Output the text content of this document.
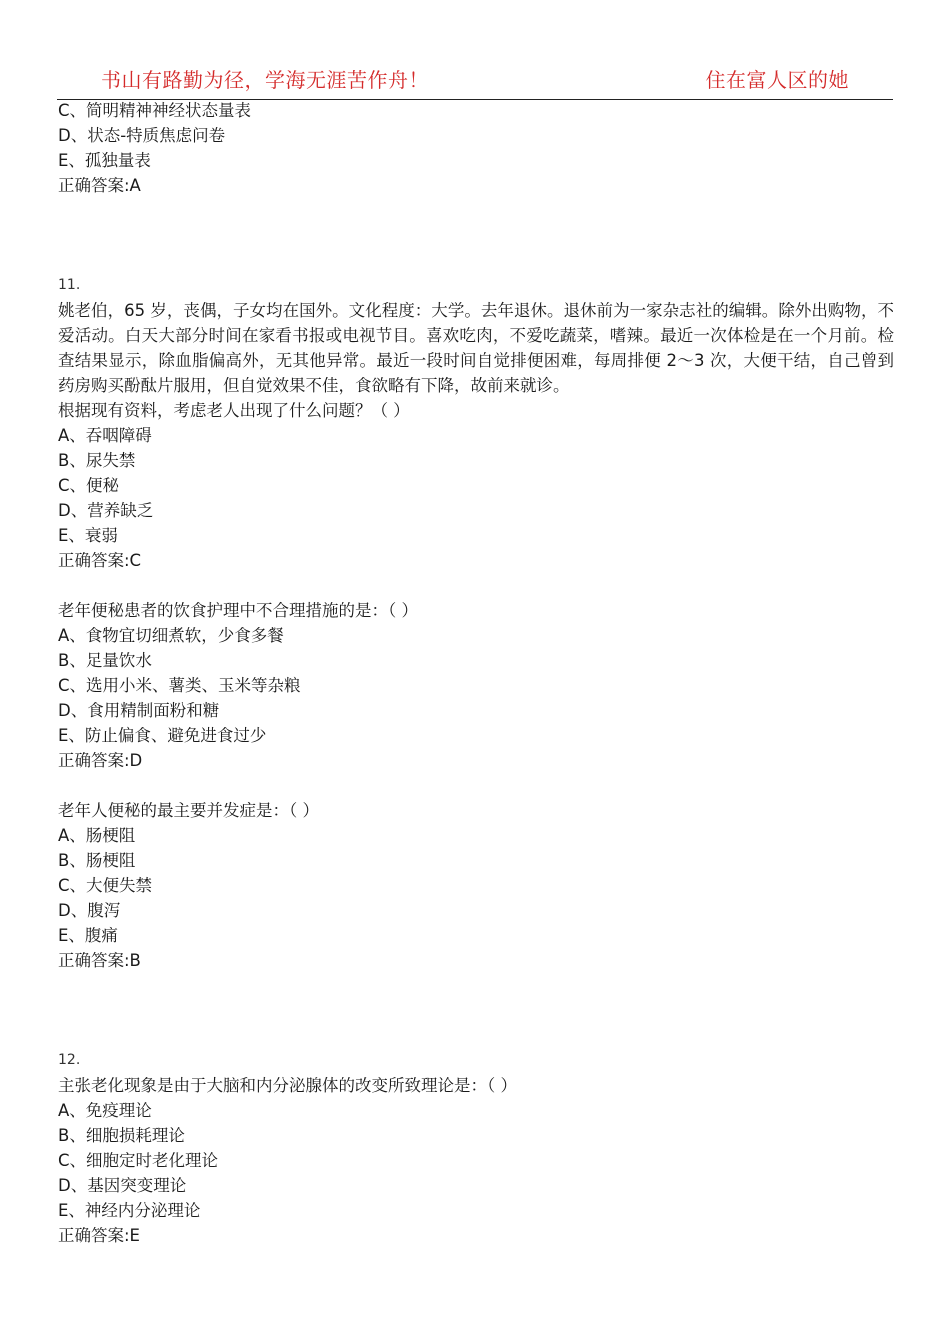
书山有路勤为径，学海无涯苦作舟！	住在富人区的她
C、简明精神神经状态量表
D、状态-特质焦虑问卷
E、孤独量表
正确答案:A
11.
姚老伯，65 岁，丧偶，子女均在国外。文化程度：大学。去年退休。退休前为一家杂志社的编辑。除外出购物，不爱活动。白天大部分时间在家看书报或电视节目。喜欢吃肉，不爱吃蔬菜，嗜辣。最近一次体检是在一个月前。检查结果显示，除血脂偏高外，无其他异常。最近一段时间自觉排便困难，每周排便 2～3 次，大便干结，自己曾到药房购买酚酞片服用，但自觉效果不佳，食欲略有下降，故前来就诊。
根据现有资料，考虑老人出现了什么问题？（ ）
A、吞咽障碍
B、尿失禁
C、便秘
D、营养缺乏
E、衰弱
正确答案:C
老年便秘患者的饮食护理中不合理措施的是：（ ）
A、食物宜切细煮软，少食多餐
B、足量饮水
C、选用小米、薯类、玉米等杂粮
D、食用精制面粉和糖
E、防止偏食、避免进食过少
正确答案:D
老年人便秘的最主要并发症是：（ ）
A、肠梗阻
B、肠梗阻
C、大便失禁
D、腹泻
E、腹痛
正确答案:B
12.
主张老化现象是由于大脑和内分泌腺体的改变所致理论是：（ ）
A、免疫理论
B、细胞损耗理论
C、细胞定时老化理论
D、基因突变理论
E、神经内分泌理论
正确答案:E
